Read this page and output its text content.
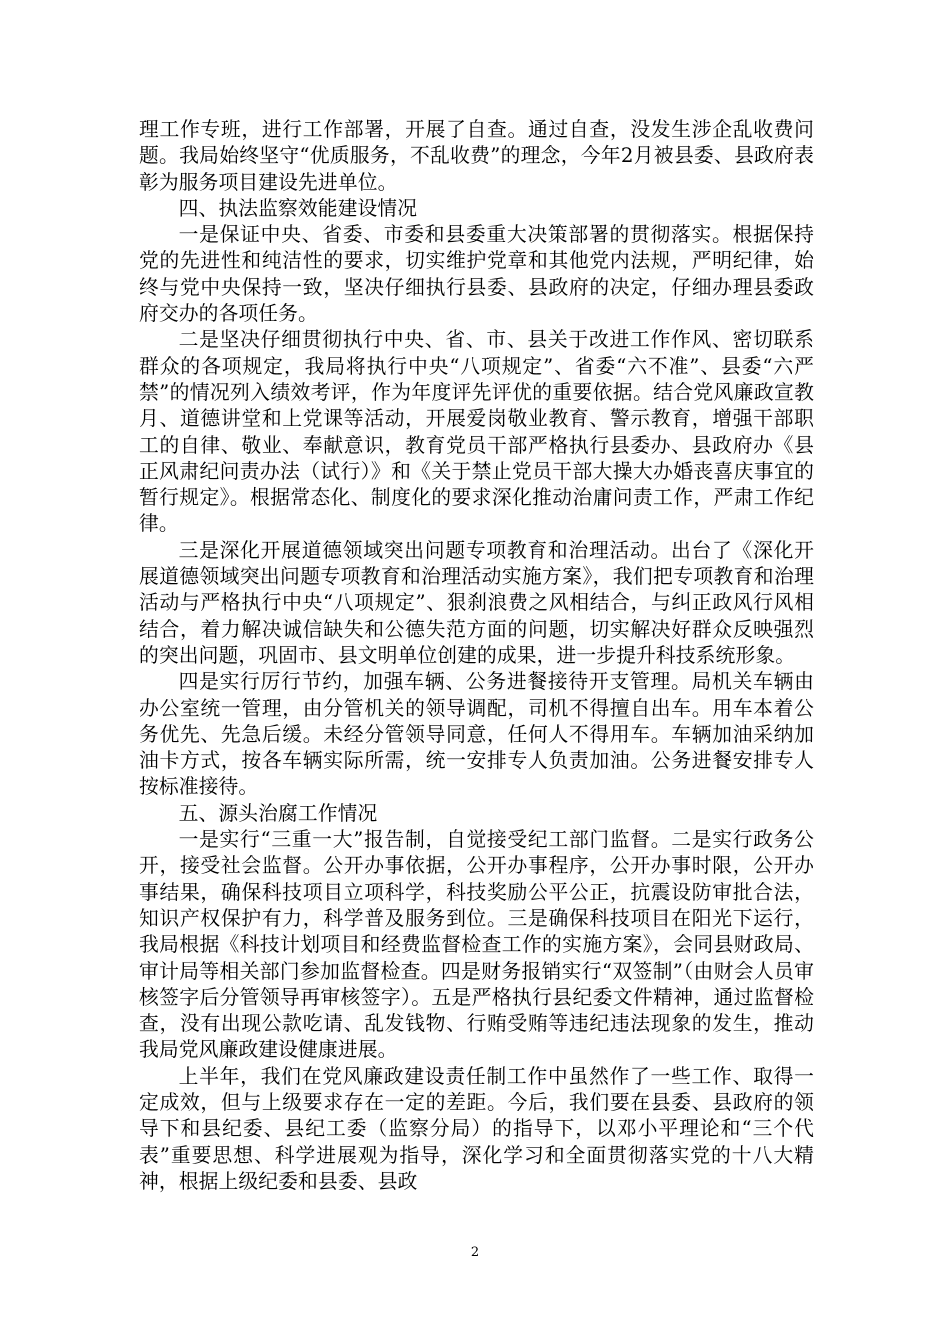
理工作专班，进行工作部署，开展了自查。通过自查，没发生涉企乱收费问题。我局始终坚守“优质服务，不乱收费”的理念，今年2月被县委、县政府表彰为服务项目建设先进单位。

四、执法监察效能建设情况

一是保证中央、省委、市委和县委重大决策部署的贯彻落实。根据保持党的先进性和纯洁性的要求，切实维护党章和其他党内法规，严明纪律，始终与党中央保持一致，坚决仔细执行县委、县政府的决定，仔细办理县委政府交办的各项任务。

二是坚决仔细贯彻执行中央、省、市、县关于改进工作作风、密切联系群众的各项规定，我局将执行中央“八项规定”、省委“六不准”、县委“六严禁”的情况列入绩效考评，作为年度评先评优的重要依据。结合党风廉政宣教月、道德讲堂和上党课等活动，开展爱岗敬业教育、警示教育，增强干部职工的自律、敬业、奉献意识，教育党员干部严格执行县委办、县政府办《县正风肃纪问责办法（试行）》和《关于禁止党员干部大操大办婚丧喜庆事宜的暂行规定》。根据常态化、制度化的要求深化推动治庸问责工作，严肃工作纪律。

三是深化开展道德领域突出问题专项教育和治理活动。出台了《深化开展道德领域突出问题专项教育和治理活动实施方案》，我们把专项教育和治理活动与严格执行中央“八项规定”、狠刹浪费之风相结合，与纠正政风行风相结合，着力解决诚信缺失和公德失范方面的问题，切实解决好群众反映强烈的突出问题，巩固市、县文明单位创建的成果，进一步提升科技系统形象。

四是实行厉行节约，加强车辆、公务进餐接待开支管理。局机关车辆由办公室统一管理，由分管机关的领导调配，司机不得擅自出车。用车本着公务优先、先急后缓。未经分管领导同意，任何人不得用车。车辆加油采纳加油卡方式，按各车辆实际所需，统一安排专人负责加油。公务进餐安排专人按标准接待。

五、源头治腐工作情况

一是实行“三重一大”报告制，自觉接受纪工部门监督。二是实行政务公开，接受社会监督。公开办事依据，公开办事程序，公开办事时限，公开办事结果，确保科技项目立项科学，科技奖励公平公正，抗震设防审批合法，知识产权保护有力，科学普及服务到位。三是确保科技项目在阳光下运行，我局根据《科技计划项目和经费监督检查工作的实施方案》，会同县财政局、审计局等相关部门参加监督检查。四是财务报销实行“双签制”（由财会人员审核签字后分管领导再审核签字）。五是严格执行县纪委文件精神，通过监督检查，没有出现公款吃请、乱发钱物、行贿受贿等违纪违法现象的发生，推动我局党风廉政建设健康进展。

上半年，我们在党风廉政建设责任制工作中虽然作了一些工作、取得一定成效，但与上级要求存在一定的差距。今后，我们要在县委、县政府的领导下和县纪委、县纪工委（监察分局）的指导下，以邓小平理论和“三个代表”重要思想、科学进展观为指导，深化学习和全面贯彻落实党的十八大精神，根据上级纪委和县委、县政

2
